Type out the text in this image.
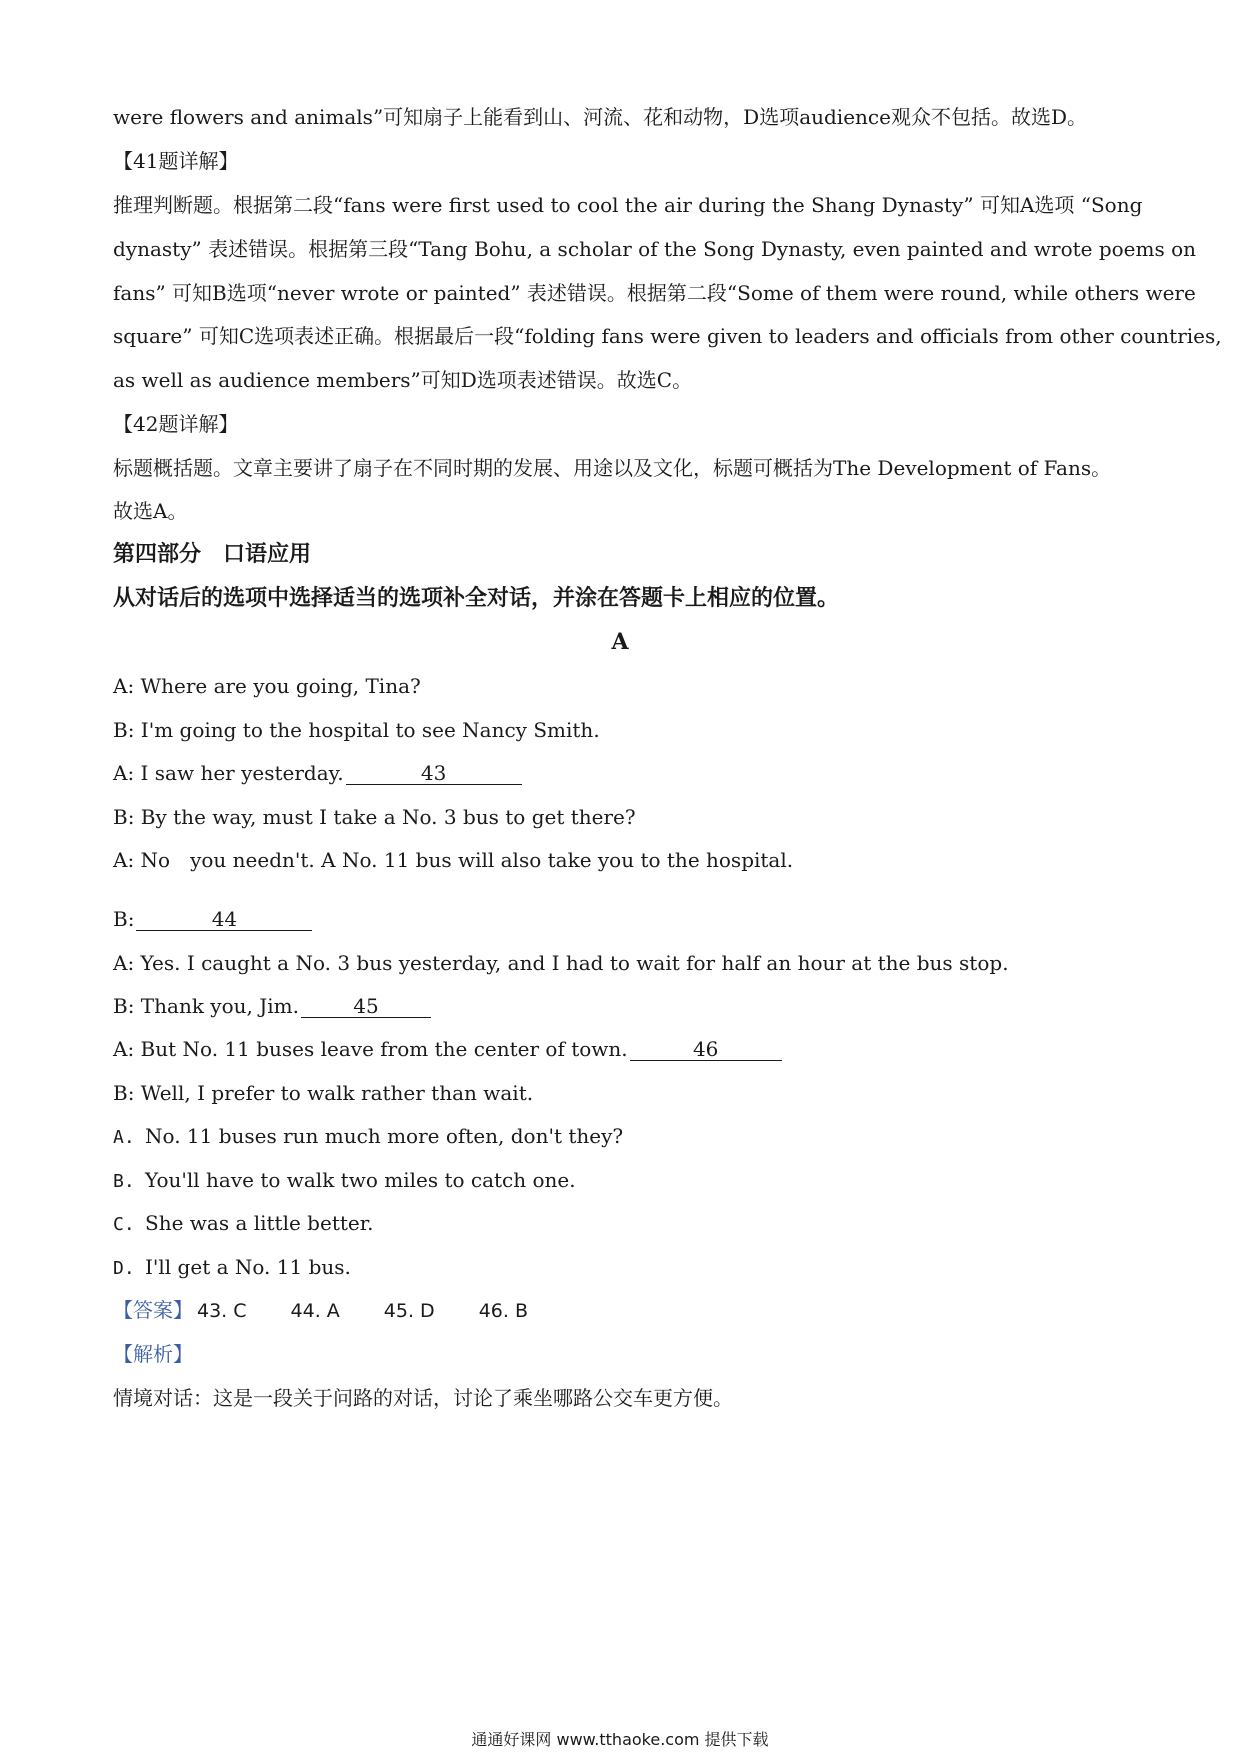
were flowers and animals”可知扇子上能看到山、河流、花和动物，D选项audience观众不包括。故选D。
【41题详解】
推理判断题。根据第二段“fans were first used to cool the air during the Shang Dynasty” 可知A选项 “Song
dynasty” 表述错误。根据第三段“Tang Bohu, a scholar of the Song Dynasty, even painted and wrote poems on
fans” 可知B选项“never wrote or painted” 表述错误。根据第二段“Some of them were round, while others were
square” 可知C选项表述正确。根据最后一段“folding fans were given to leaders and officials from other countries,
as well as audience members”可知D选项表述错误。故选C。
【42题详解】
标题概括题。文章主要讲了扇子在不同时期的发展、用途以及文化，标题可概括为The Development of Fans。
故选A。
第四部分　口语应用
从对话后的选项中选择适当的选项补全对话，并涂在答题卡上相应的位置。
A
A: Where are you going, Tina?
B: I'm going to the hospital to see Nancy Smith.
A: I saw her yesterday.	43
B: By the way, must I take a No. 3 bus to get there?
A: No　you needn't. A No. 11 bus will also take you to the hospital.
B:	44
A: Yes. I caught a No. 3 bus yesterday, and I had to wait for half an hour at the bus stop.
B: Thank you, Jim.	45
A: But No. 11 buses leave from the center of town.	46
B: Well, I prefer to walk rather than wait.
A. No. 11 buses run much more often, don't they?
B. You'll have to walk two miles to catch one.
C. She was a little better.
D. I'll get a No. 11 bus.
【答案】 43. C 44. A 45. D 46. B
【解析】
情境对话：这是一段关于问路的对话，讨论了乘坐哪路公交车更方便。
通通好课网 www.tthaoke.com 提供下载
